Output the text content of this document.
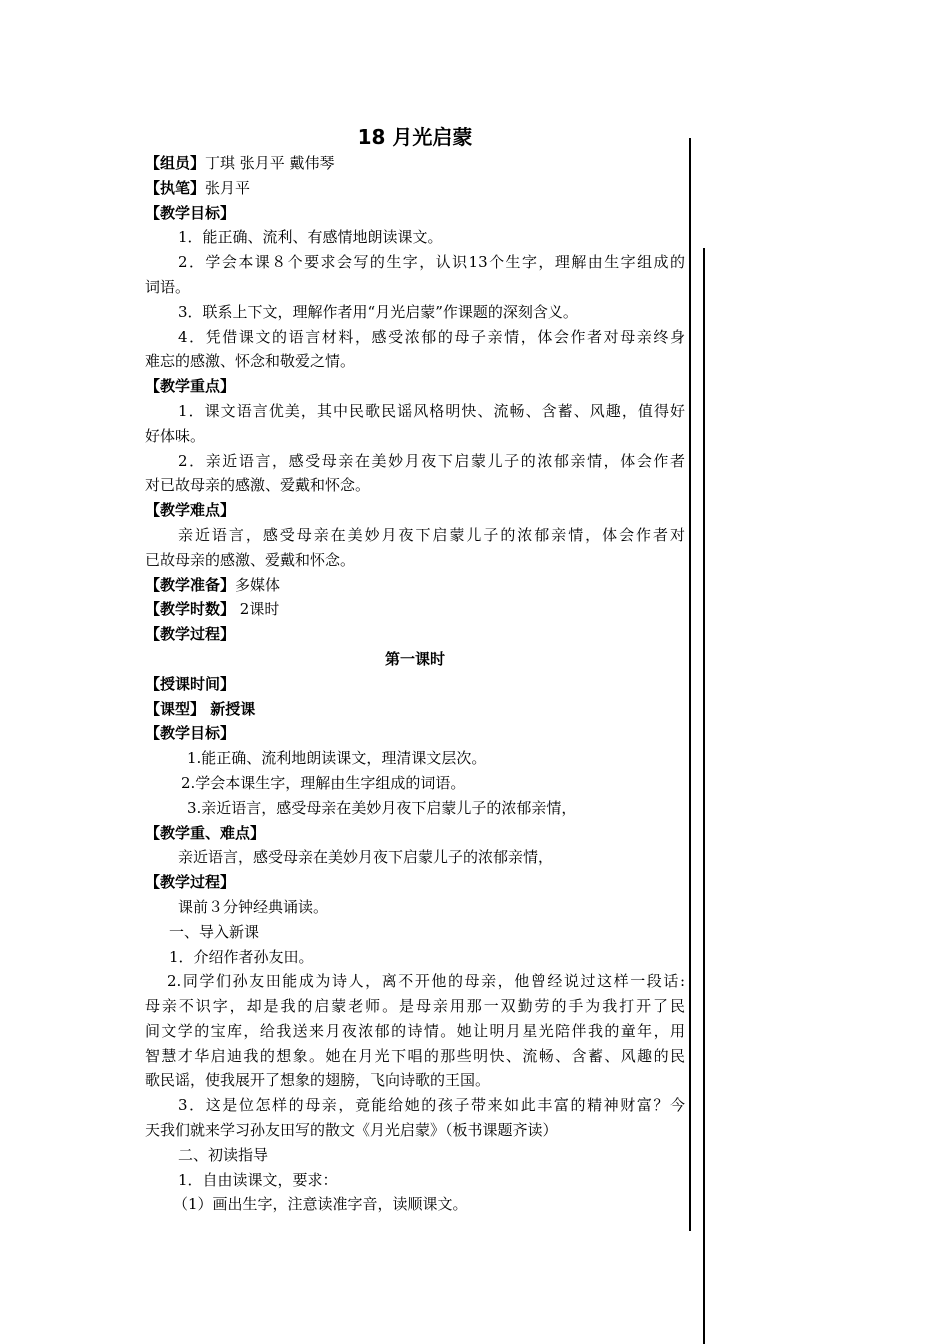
18 月光启蒙
【组员】丁琪 张月平 戴伟琴
【执笔】张月平
【教学目标】
1．能正确、流利、有感情地朗读课文。
2．学会本课８个要求会写的生字，认识13个生字，理解由生字组成的
词语。
3．联系上下文，理解作者用“月光启蒙”作课题的深刻含义。
4．凭借课文的语言材料，感受浓郁的母子亲情，体会作者对母亲终身
难忘的感激、怀念和敬爱之情。
【教学重点】
1．课文语言优美，其中民歌民谣风格明快、流畅、含蓄、风趣，值得好
好体味。
2．亲近语言，感受母亲在美妙月夜下启蒙儿子的浓郁亲情，体会作者
对已故母亲的感激、爱戴和怀念。
【教学难点】
亲近语言，感受母亲在美妙月夜下启蒙儿子的浓郁亲情，体会作者对
已故母亲的感激、爱戴和怀念。
【教学准备】多媒体
【教学时数】 2课时
【教学过程】
第一课时
【授课时间】
【课型】 新授课
【教学目标】
1.能正确、流利地朗读课文，理清课文层次。
2.学会本课生字，理解由生字组成的词语。
3.亲近语言，感受母亲在美妙月夜下启蒙儿子的浓郁亲情，
【教学重、难点】
亲近语言，感受母亲在美妙月夜下启蒙儿子的浓郁亲情，
【教学过程】
课前３分钟经典诵读。
一、导入新课
1．介绍作者孙友田。
2.同学们孙友田能成为诗人，离不开他的母亲，他曾经说过这样一段话:
母亲不识字，却是我的启蒙老师。是母亲用那一双勤劳的手为我打开了民
间文学的宝库，给我送来月夜浓郁的诗情。她让明月星光陪伴我的童年，用
智慧才华启迪我的想象。她在月光下唱的那些明快、流畅、含蓄、风趣的民
歌民谣，使我展开了想象的翅膀，飞向诗歌的王国。
3．这是位怎样的母亲，竟能给她的孩子带来如此丰富的精神财富？今
天我们就来学习孙友田写的散文《月光启蒙》（板书课题齐读）
二、初读指导
1．自由读课文，要求：
（1）画出生字，注意读准字音，读顺课文。
